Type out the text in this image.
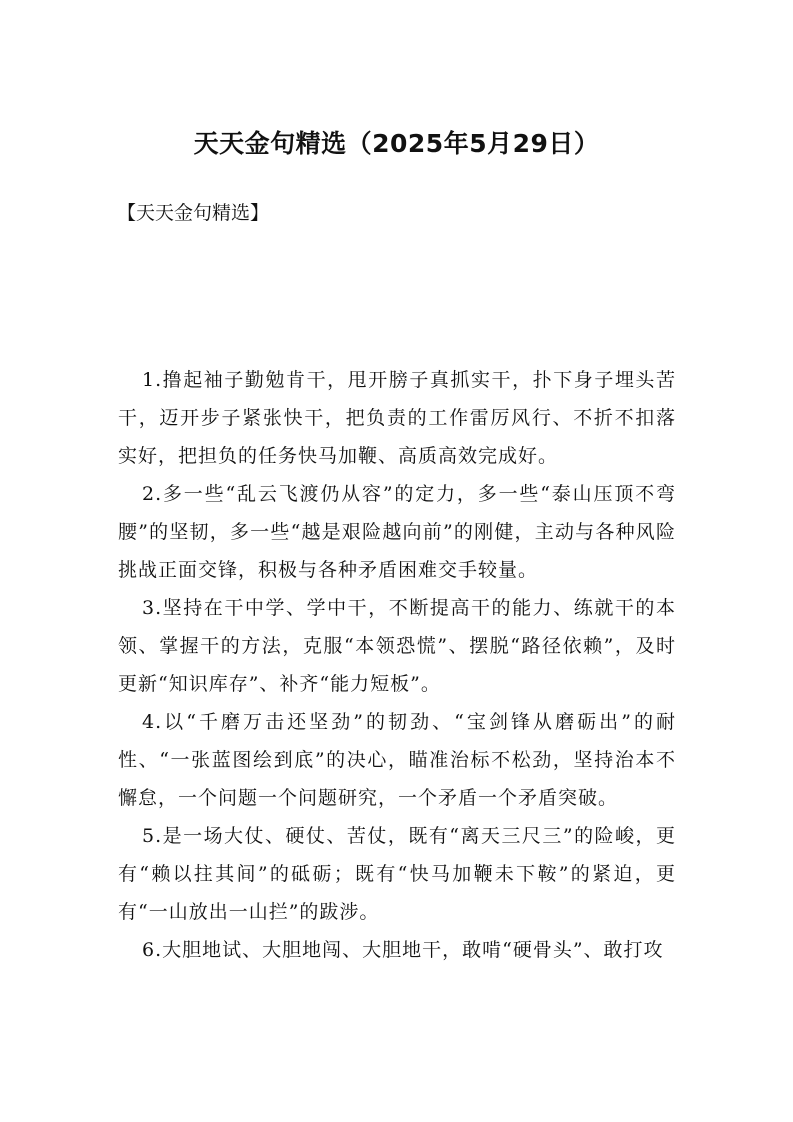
天天金句精选（2025年5月29日）

【天天金句精选】

1.撸起袖子勤勉肯干，甩开膀子真抓实干，扑下身子埋头苦干，迈开步子紧张快干，把负责的工作雷厉风行、不折不扣落实好，把担负的任务快马加鞭、高质高效完成好。

2.多一些“乱云飞渡仍从容”的定力，多一些“泰山压顶不弯腰”的坚韧，多一些“越是艰险越向前”的刚健，主动与各种风险挑战正面交锋，积极与各种矛盾困难交手较量。

3.坚持在干中学、学中干，不断提高干的能力、练就干的本领、掌握干的方法，克服“本领恐慌”、摆脱“路径依赖”，及时更新“知识库存”、补齐“能力短板”。

4.以“千磨万击还坚劲”的韧劲、“宝剑锋从磨砺出”的耐性、“一张蓝图绘到底”的决心，瞄准治标不松劲，坚持治本不懈怠，一个问题一个问题研究，一个矛盾一个矛盾突破。

5.是一场大仗、硬仗、苦仗，既有“离天三尺三”的险峻，更有“赖以拄其间”的砥砺；既有“快马加鞭未下鞍”的紧迫，更有“一山放出一山拦”的跋涉。

6.大胆地试、大胆地闯、大胆地干，敢啃“硬骨头”、敢打攻
